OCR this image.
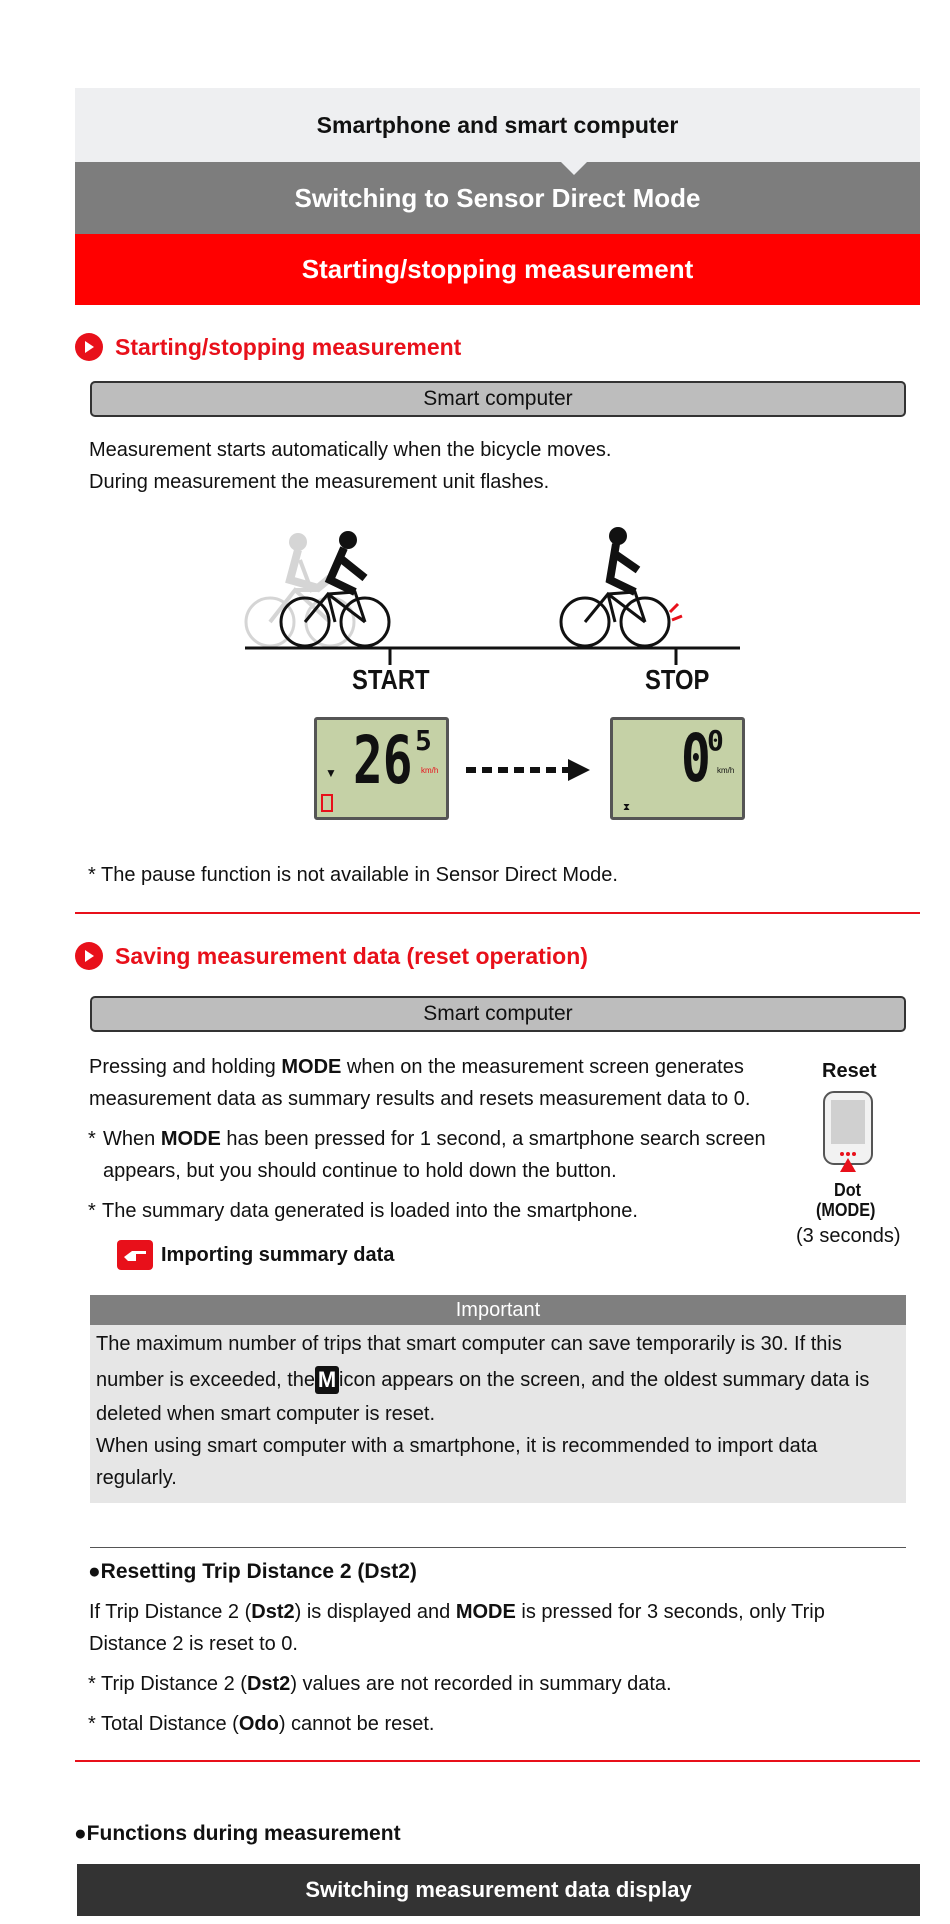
Smartphone and smart computer
Switching to Sensor Direct Mode
Starting/stopping measurement
Starting/stopping measurement
Smart computer
Measurement starts automatically when the bicycle moves.
During measurement the measurement unit flashes.
START	STOP
▼ 26 5
km/h	0
0
km/h
⧗
* The pause function is not available in Sensor Direct Mode.
Saving measurement data (reset operation)
Smart computer
Pressing and holding MODE when on the measurement screen generates
measurement data as summary results and resets measurement data to 0.
* When MODE has been pressed for 1 second, a smartphone search screen
appears, but you should continue to hold down the button.
* The summary data generated is loaded into the smartphone.
Importing summary data
Reset
Dot
(MODE)
(3 seconds)
Important
The maximum number of trips that smart computer can save temporarily is 30. If this
number is exceeded, the M icon appears on the screen, and the oldest summary data is
deleted when smart computer is reset.
When using smart computer with a smartphone, it is recommended to import data
regularly.
●Resetting Trip Distance 2 (Dst2)
If Trip Distance 2 (Dst2) is displayed and MODE is pressed for 3 seconds, only Trip
Distance 2 is reset to 0.
* Trip Distance 2 (Dst2) values are not recorded in summary data.
* Total Distance (Odo) cannot be reset.
●Functions during measurement
Switching measurement data display
